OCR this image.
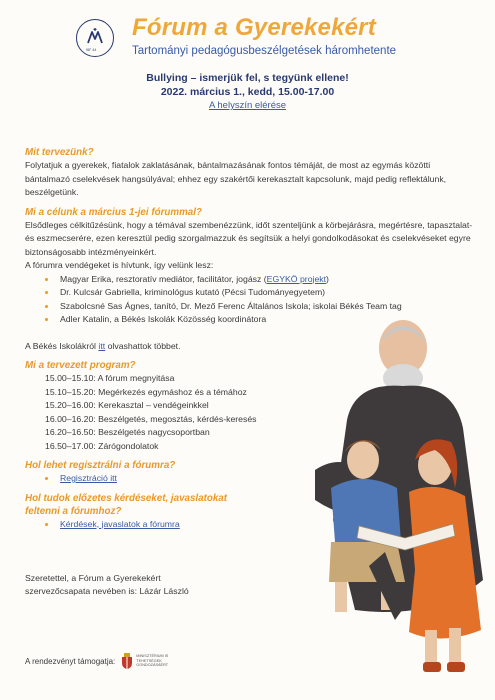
98° 44
Fórum a Gyerekekért
Tartományi pedagógusbeszélgetések háromhetente
Bullying – ismerjük fel, s tegyünk ellene!
2022. március 1., kedd, 15.00-17.00
A helyszín elérése
Mit tervezünk?
Folytatjuk a gyerekek, fiatalok zaklatásának, bántalmazásának fontos témáját, de most az egymás közötti bántalmazó cselekvések hangsúlyával; ehhez egy szakértői kerekasztalt kapcsolunk, majd pedig reflektálunk, beszélgetünk.
Mi a célunk a március 1-jei fórummal?
Elsődleges célkitűzésünk, hogy a témával szembenézzünk, időt szenteljünk a körbejárásra, megértésre, tapasztalat- és eszmecserére, ezen keresztül pedig szorgalmazzuk és segítsük a helyi gondolkodásokat és cselekvéseket egyre biztonságosabb intézményeinkért.
A fórumra vendégeket is hívtunk, így velünk lesz:
Magyar Erika, resztoratív mediátor, facilitátor, jogász (EGYKÖ projekt)
Dr. Kulcsár Gabriella, kriminológus kutató (Pécsi Tudományegyetem)
Szabolcsné Sas Ágnes, tanító, Dr. Mező Ferenc Általános Iskola; iskolai Békés Team tag
Adler Katalin, a Békés Iskolák Közösség koordinátora
A Békés Iskolákról itt olvashattok többet.
Mi a tervezett program?
15.00–15.10: A fórum megnyitása
15.10–15.20: Megérkezés egymáshoz és a témához
15.20–16.00: Kerekasztal – vendégeinkkel
16.00–16.20: Beszélgetés, megosztás, kérdés-keresés
16.20–16.50: Beszélgetés nagycsoportban
16.50–17.00: Zárógondolatok
Hol lehet regisztrálni a fórumra?
Regisztráció itt
Hol tudok előzetes kérdéseket, javaslatokat
feltenni a fórumhoz?
Kérdések, javaslatok a fórumra
Szeretettel, a Fórum a Gyerekekért
szervezőcsapata nevében is: Lázár László
A rendezvényt támogatja:
MINISZTÉRIUM IS TEHETSÉGEK GONDOZÁSÁÉRT
